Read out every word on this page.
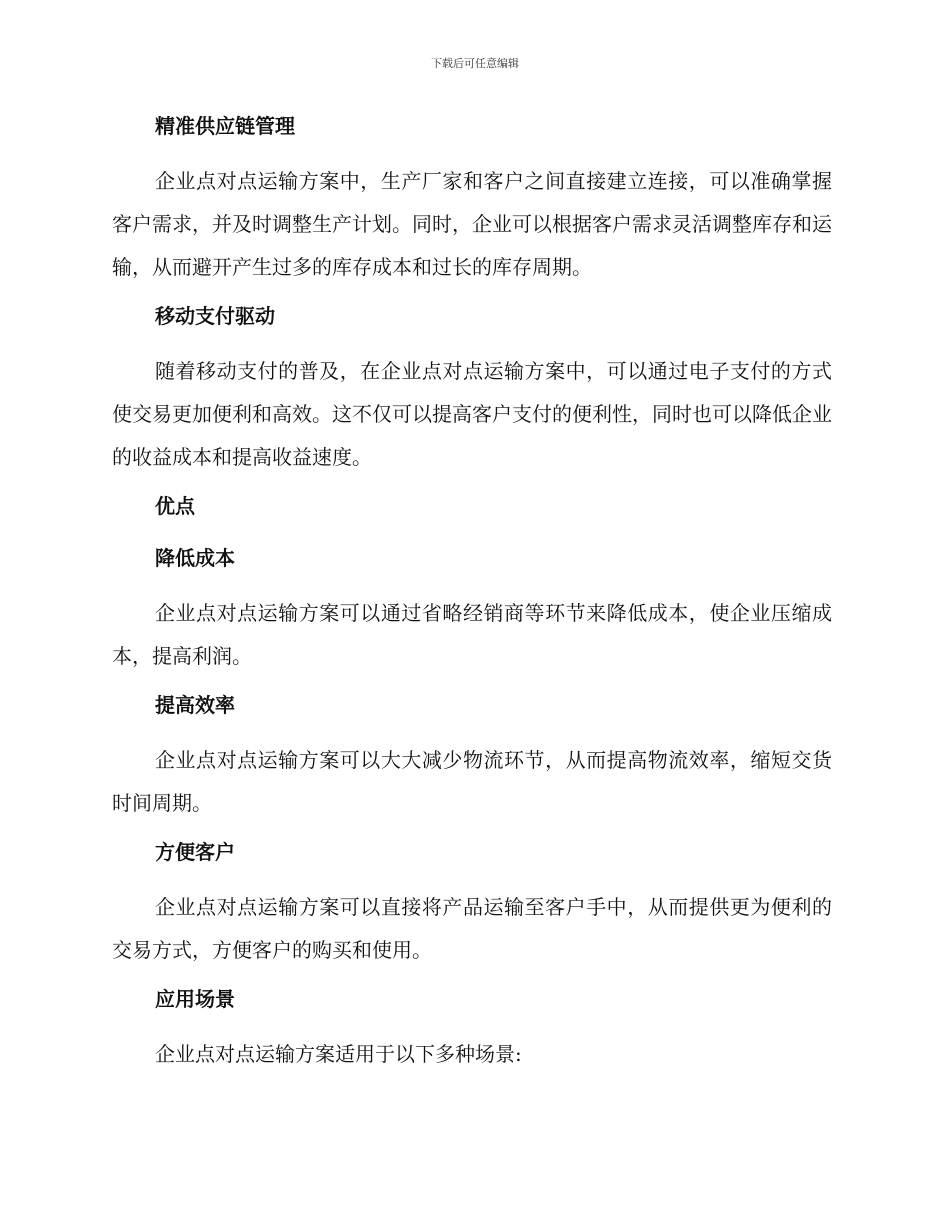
下载后可任意编辑
精准供应链管理

企业点对点运输方案中，生产厂家和客户之间直接建立连接，可以准确掌握客户需求，并及时调整生产计划。同时，企业可以根据客户需求灵活调整库存和运输，从而避开产生过多的库存成本和过长的库存周期。

移动支付驱动

随着移动支付的普及，在企业点对点运输方案中，可以通过电子支付的方式使交易更加便利和高效。这不仅可以提高客户支付的便利性，同时也可以降低企业的收益成本和提高收益速度。

优点
降低成本

企业点对点运输方案可以通过省略经销商等环节来降低成本，使企业压缩成本，提高利润。

提高效率

企业点对点运输方案可以大大减少物流环节，从而提高物流效率，缩短交货时间周期。

方便客户

企业点对点运输方案可以直接将产品运输至客户手中，从而提供更为便利的交易方式，方便客户的购买和使用。

应用场景

企业点对点运输方案适用于以下多种场景:
